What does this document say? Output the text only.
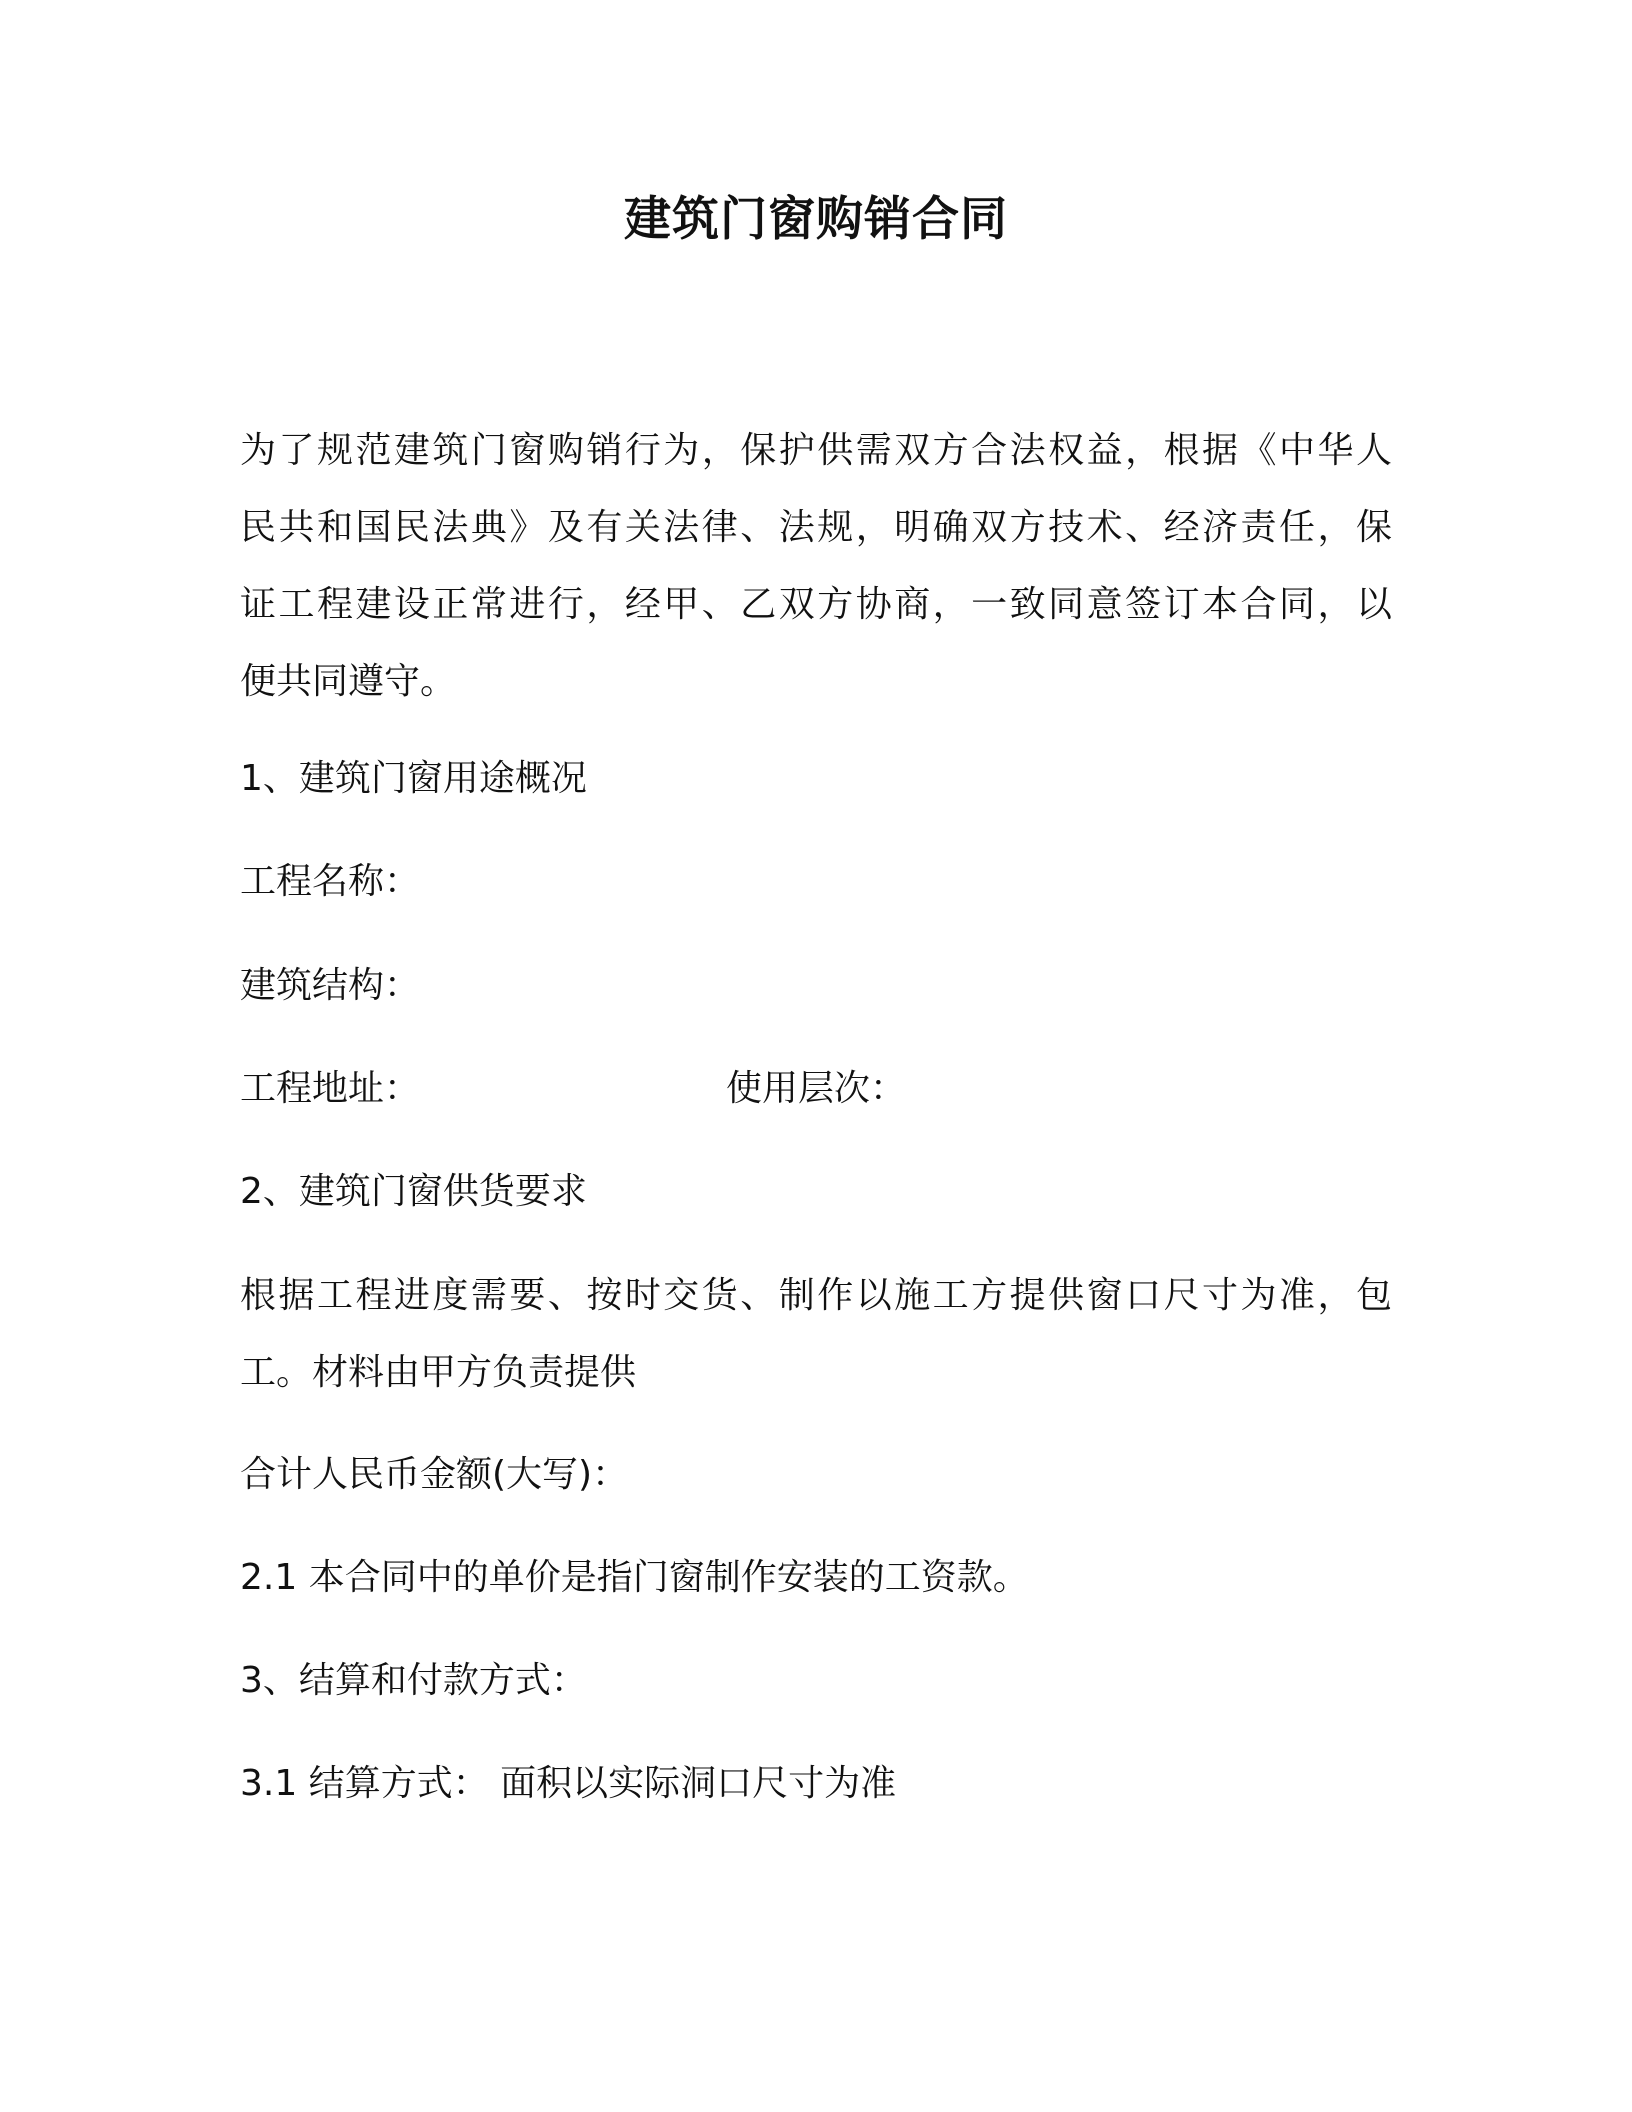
建筑门窗购销合同
为了规范建筑门窗购销行为，保护供需双方合法权益，根据《中华人
民共和国民法典》及有关法律、法规，明确双方技术、经济责任，保
证工程建设正常进行，经甲、乙双方协商，一致同意签订本合同，以
便共同遵守。
1、建筑门窗用途概况
工程名称：
建筑结构：
工程地址：	使用层次：
2、建筑门窗供货要求
根据工程进度需要、按时交货、制作以施工方提供窗口尺寸为准，包
工。材料由甲方负责提供
合计人民币金额(大写)：
2.1 本合同中的单价是指门窗制作安装的工资款。
3、结算和付款方式：
3.1 结算方式： 面积以实际洞口尺寸为准
